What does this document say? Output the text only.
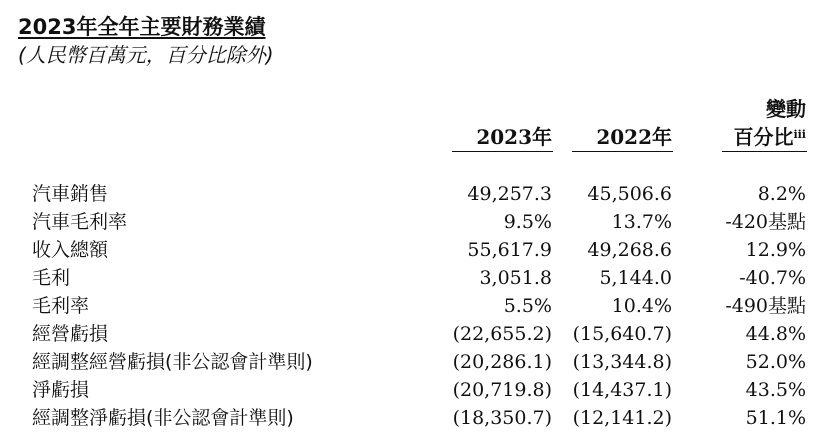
2023年全年主要財務業績
(人民幣百萬元，百分比除外)
變動
百分比$^{iii}$
2023年 2022年
汽車銷售	49,257.3 45,506.6	8.2%
汽車毛利率	9.5%	13.7%	-420基點
收入總額	55,617.9 49,268.6	12.9%
毛利	3,051.8 5,144.0	-40.7%
毛利率	5.5%	10.4%	-490基點
經營虧損	(22,655.2) (15,640.7)	44.8%
經調整經營虧損(非公認會計準則)	(20,286.1) (13,344.8)	52.0%
淨虧損	(20,719.8) (14,437.1)	43.5%
經調整淨虧損(非公認會計準則)	(18,350.7) (12,141.2)	51.1%
